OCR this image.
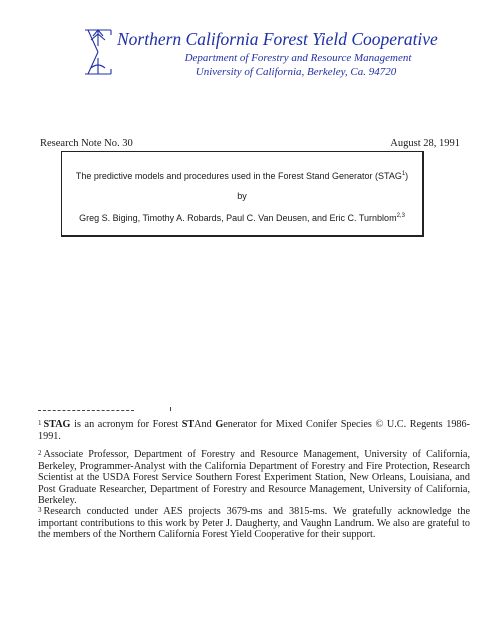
Northern California Forest Yield Cooperative
Department of Forestry and Resource Management
University of California, Berkeley, Ca. 94720
Research Note No. 30	August 28, 1991
The predictive models and procedures used in the Forest Stand Generator (STAG$^1$)
by
Greg S. Biging, Timothy A. Robards, Paul C. Van Deusen, and Eric C. Turnblom$^{2,3}$
$^1$ STAG is an acronym for Forest STAnd Generator for Mixed Conifer Species © U.C. Regents 1986-1991.
$^2$ Associate Professor, Department of Forestry and Resource Management, University of California, Berkeley, Programmer-Analyst with the California Department of Forestry and Fire Protection, Research Scientist at the USDA Forest Service Southern Forest Experiment Station, New Orleans, Louisiana, and Post Graduate Researcher, Department of Forestry and Resource Management, University of California, Berkeley.
$^3$ Research conducted under AES projects 3679-ms and 3815-ms. We gratefully acknowledge the important contributions to this work by Peter J. Daugherty, and Vaughn Landrum. We also are grateful to the members of the Northern California Forest Yield Cooperative for their support.
